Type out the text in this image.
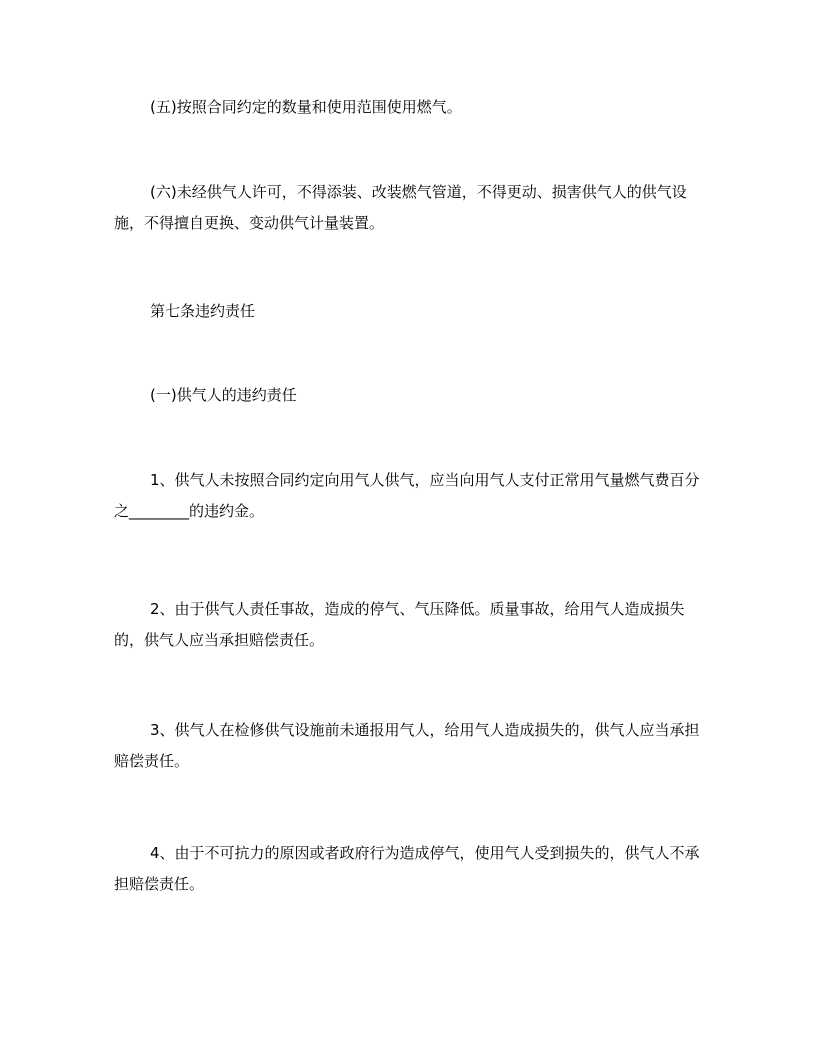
(五)按照合同约定的数量和使用范围使用燃气。

(六)未经供气人许可，不得添装、改装燃气管道，不得更动、损害供气人的供气设施，不得擅自更换、变动供气计量装置。

第七条违约责任

(一)供气人的违约责任

1、供气人未按照合同约定向用气人供气，应当向用气人支付正常用气量燃气费百分之________的违约金。

2、由于供气人责任事故，造成的停气、气压降低。质量事故，给用气人造成损失的，供气人应当承担赔偿责任。

3、供气人在检修供气设施前未通报用气人，给用气人造成损失的，供气人应当承担赔偿责任。

4、由于不可抗力的原因或者政府行为造成停气，使用气人受到损失的，供气人不承担赔偿责任。
